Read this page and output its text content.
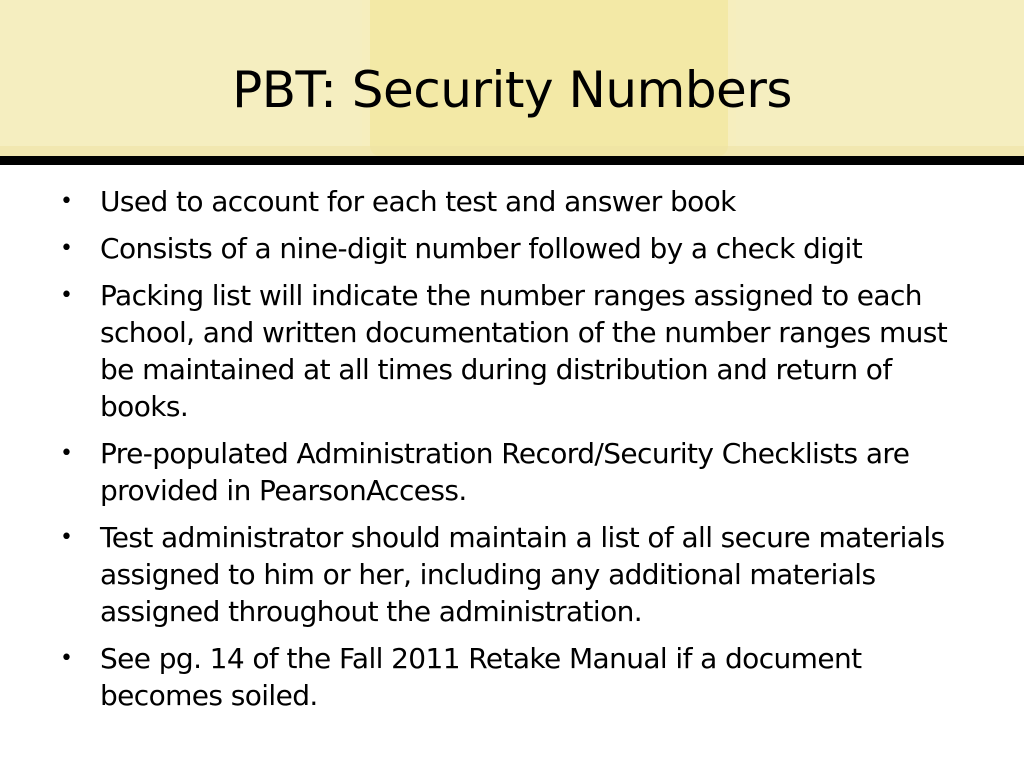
PBT: Security Numbers
• Used to account for each test and answer book
• Consists of a nine-digit number followed by a check digit
• Packing list will indicate the number ranges assigned to each school, and written documentation of the number ranges must be maintained at all times during distribution and return of books.
• Pre-populated Administration Record/Security Checklists are provided in PearsonAccess.
• Test administrator should maintain a list of all secure materials assigned to him or her, including any additional materials assigned throughout the administration.
• See pg. 14 of the Fall 2011 Retake Manual if a document becomes soiled.
